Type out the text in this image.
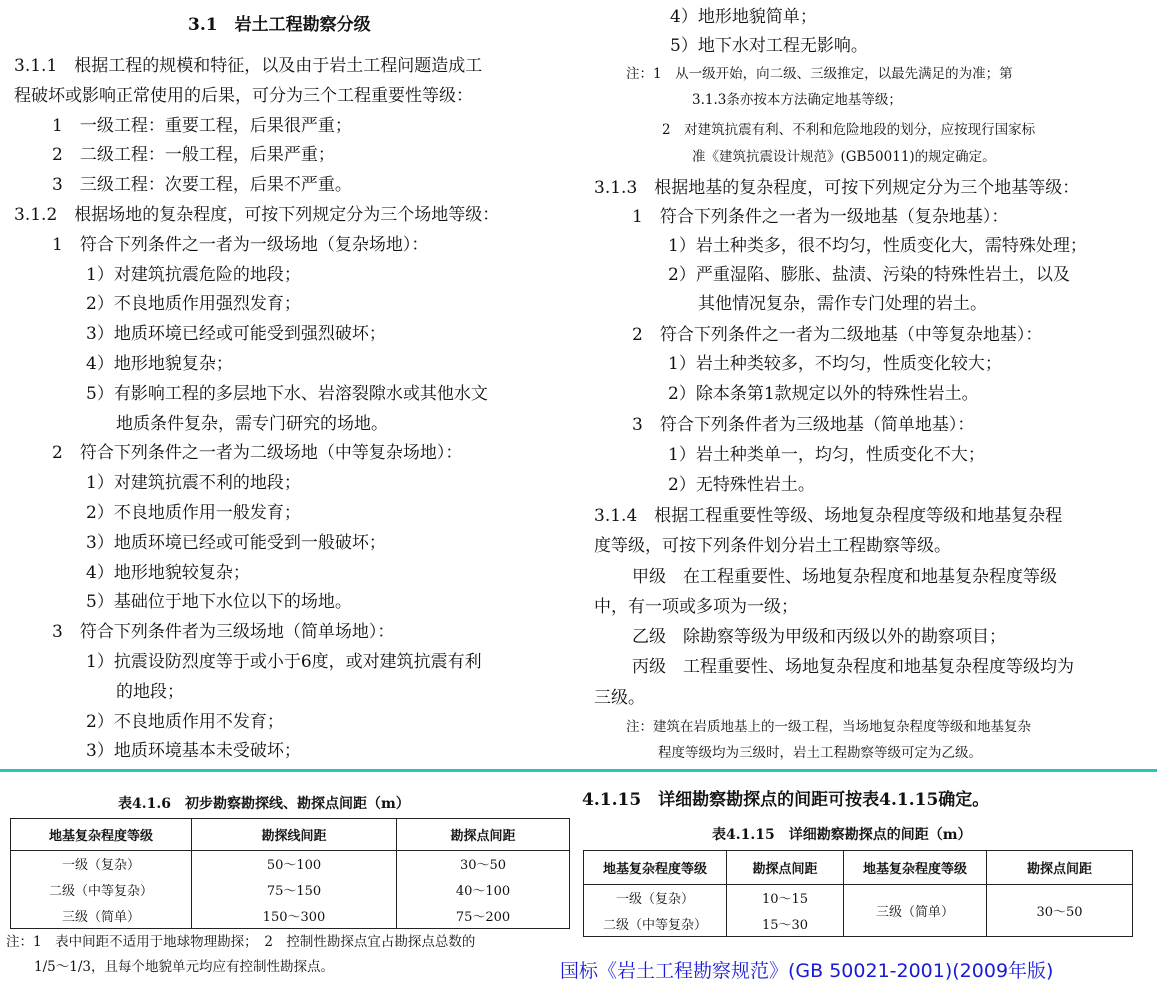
3.1　岩土工程勘察分级
3.1.1　根据工程的规模和特征，以及由于岩土工程问题造成工
程破坏或影响正常使用的后果，可分为三个工程重要性等级：
1　一级工程：重要工程，后果很严重；
2　二级工程：一般工程，后果严重；
3　三级工程：次要工程，后果不严重。
3.1.2　根据场地的复杂程度，可按下列规定分为三个场地等级：
1　符合下列条件之一者为一级场地（复杂场地）：
1）对建筑抗震危险的地段；
2）不良地质作用强烈发育；
3）地质环境已经或可能受到强烈破坏；
4）地形地貌复杂；
5）有影响工程的多层地下水、岩溶裂隙水或其他水文
地质条件复杂，需专门研究的场地。
2　符合下列条件之一者为二级场地（中等复杂场地）：
1）对建筑抗震不利的地段；
2）不良地质作用一般发育；
3）地质环境已经或可能受到一般破坏；
4）地形地貌较复杂；
5）基础位于地下水位以下的场地。
3　符合下列条件者为三级场地（简单场地）：
1）抗震设防烈度等于或小于6度，或对建筑抗震有利
的地段；
2）不良地质作用不发育；
3）地质环境基本未受破坏；
4）地形地貌简单；
5）地下水对工程无影响。
3.1.3　根据地基的复杂程度，可按下列规定分为三个地基等级：
1　符合下列条件之一者为一级地基（复杂地基）：
1）岩土种类多，很不均匀，性质变化大，需特殊处理；
2）严重湿陷、膨胀、盐渍、污染的特殊性岩土，以及
其他情况复杂，需作专门处理的岩土。
2　符合下列条件之一者为二级地基（中等复杂地基）：
1）岩土种类较多，不均匀，性质变化较大；
2）除本条第1款规定以外的特殊性岩土。
3　符合下列条件者为三级地基（简单地基）：
1）岩土种类单一，均匀，性质变化不大；
2）无特殊性岩土。
3.1.4　根据工程重要性等级、场地复杂程度等级和地基复杂程
度等级，可按下列条件划分岩土工程勘察等级。
甲级　在工程重要性、场地复杂程度和地基复杂程度等级
中，有一项或多项为一级；
乙级　除勘察等级为甲级和丙级以外的勘察项目；
丙级　工程重要性、场地复杂程度和地基复杂程度等级均为
三级。
注：1　从一级开始，向二级、三级推定，以最先满足的为准；第
3.1.3条亦按本方法确定地基等级；
2　对建筑抗震有利、不利和危险地段的划分，应按现行国家标
准《建筑抗震设计规范》(GB50011)的规定确定。
注：建筑在岩质地基上的一级工程，当场地复杂程度等级和地基复杂
程度等级均为三级时，岩土工程勘察等级可定为乙级。
表4.1.6　初步勘察勘探线、勘探点间距（m）
地基复杂程度等级	勘探线间距	勘探点间距
一级（复杂）	50～100	30～50
二级（中等复杂）	75～150	40～100
三级（简单）	150～300	75～200
注：1　表中间距不适用于地球物理勘探；　2　控制性勘探点宜占勘探点总数的
1/5～1/3，且每个地貌单元均应有控制性勘探点。
4.1.15　详细勘察勘探点的间距可按表4.1.15确定。
表4.1.15　详细勘察勘探点的间距（m）
地基复杂程度等级	勘探点间距	地基复杂程度等级	勘探点间距
一级（复杂）	10～15	三级（简单）	30～50
二级（中等复杂）	15～30		
国标《岩土工程勘察规范》(GB 50021-2001)(2009年版)
